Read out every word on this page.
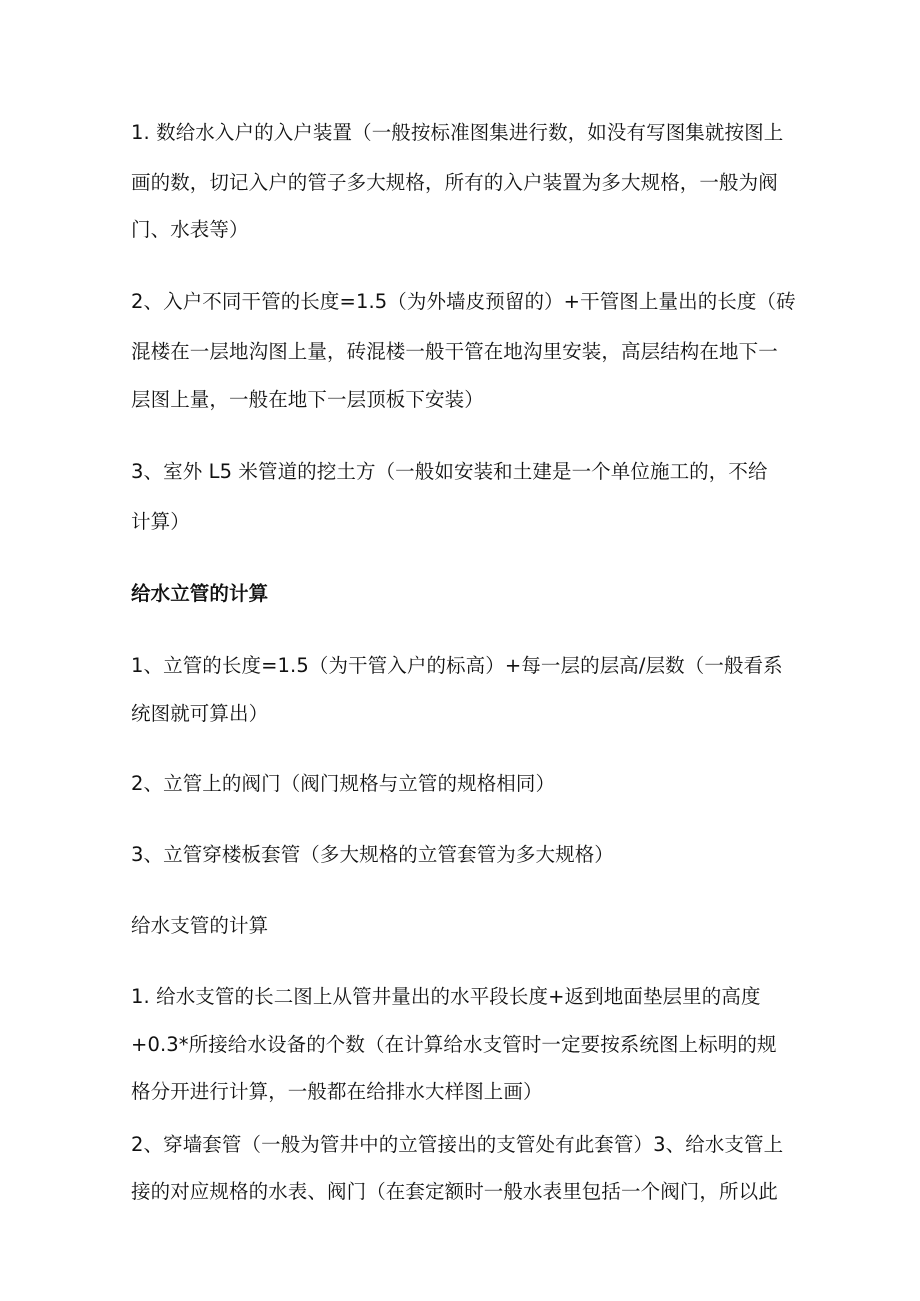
1. 数给水入户的入户装置（一般按标准图集进行数，如没有写图集就按图上
画的数，切记入户的管子多大规格，所有的入户装置为多大规格，一般为阀
门、水表等）
2、入户不同干管的长度=1.5（为外墙皮预留的）+干管图上量出的长度（砖
混楼在一层地沟图上量，砖混楼一般干管在地沟里安装，高层结构在地下一
层图上量，一般在地下一层顶板下安装）
3、室外 L5 米管道的挖土方（一般如安装和土建是一个单位施工的，不给
计算）
给水立管的计算
1、立管的长度=1.5（为干管入户的标高）+每一层的层高/层数（一般看系
统图就可算出）
2、立管上的阀门（阀门规格与立管的规格相同）
3、立管穿楼板套管（多大规格的立管套管为多大规格）
给水支管的计算
1. 给水支管的长二图上从管井量出的水平段长度+返到地面垫层里的高度
+0.3*所接给水设备的个数（在计算给水支管时一定要按系统图上标明的规
格分开进行计算，一般都在给排水大样图上画）
2、穿墙套管（一般为管井中的立管接出的支管处有此套管）3、给水支管上
接的对应规格的水表、阀门（在套定额时一般水表里包括一个阀门，所以此
